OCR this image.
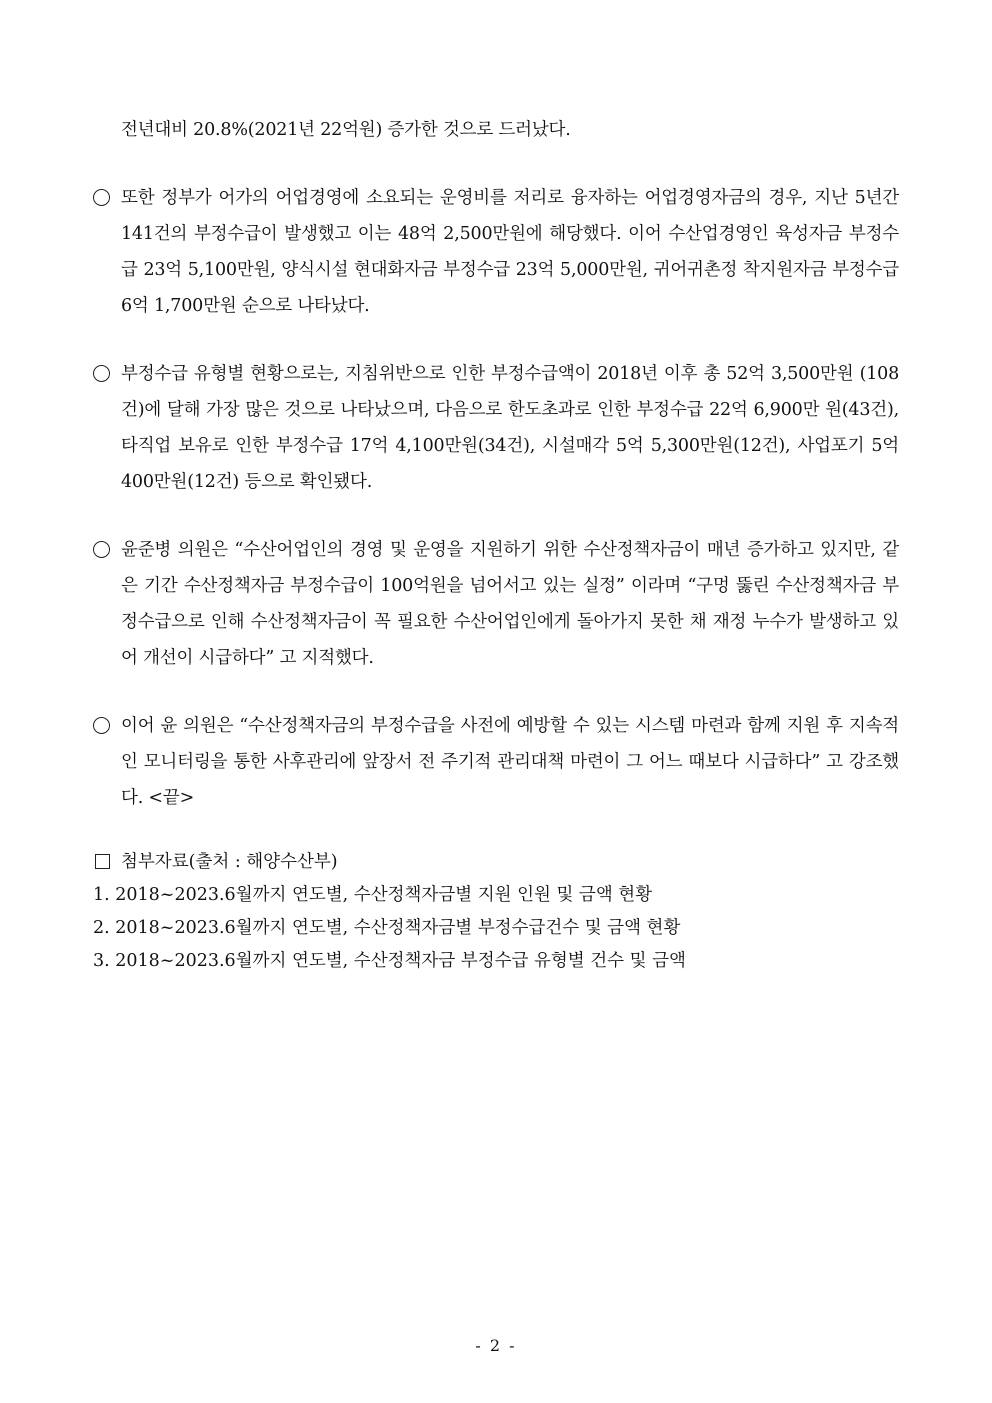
전년대비 20.8%(2021년 22억원) 증가한 것으로 드러났다.

또한 정부가 어가의 어업경영에 소요되는 운영비를 저리로 융자하는 어업경영자금의 경우, 지난 5년간 141건의 부정수급이 발생했고 이는 48억 2,500만원에 해당했다. 이어 수산업경영인 육성자금 부정수급 23억 5,100만원, 양식시설 현대화자금 부정수급 23억 5,000만원, 귀어귀촌정 착지원자금 부정수급 6억 1,700만원 순으로 나타났다.
부정수급 유형별 현황으로는, 지침위반으로 인한 부정수급액이 2018년 이후 총 52억 3,500만원 (108건)에 달해 가장 많은 것으로 나타났으며, 다음으로 한도초과로 인한 부정수급 22억 6,900만 원(43건), 타직업 보유로 인한 부정수급 17억 4,100만원(34건), 시설매각 5억 5,300만원(12건), 사업포기 5억 400만원(12건) 등으로 확인됐다.
윤준병 의원은 “수산어업인의 경영 및 운영을 지원하기 위한 수산정책자금이 매년 증가하고 있지만, 같은 기간 수산정책자금 부정수급이 100억원을 넘어서고 있는 실정” 이라며 “구멍 뚫린 수산정책자금 부정수급으로 인해 수산정책자금이 꼭 필요한 수산어업인에게 돌아가지 못한 채 재정 누수가 발생하고 있어 개선이 시급하다” 고 지적했다.
이어 윤 의원은 “수산정책자금의 부정수급을 사전에 예방할 수 있는 시스템 마련과 함께 지원 후 지속적인 모니터링을 통한 사후관리에 앞장서 전 주기적 관리대책 마련이 그 어느 때보다 시급하다” 고 강조했다. <끝>
첨부자료(출처 : 해양수산부)
1. 2018~2023.6월까지 연도별, 수산정책자금별 지원 인원 및 금액 현황
2. 2018~2023.6월까지 연도별, 수산정책자금별 부정수급건수 및 금액 현황
3. 2018~2023.6월까지 연도별, 수산정책자금 부정수급 유형별 건수 및 금액
- 2 -
